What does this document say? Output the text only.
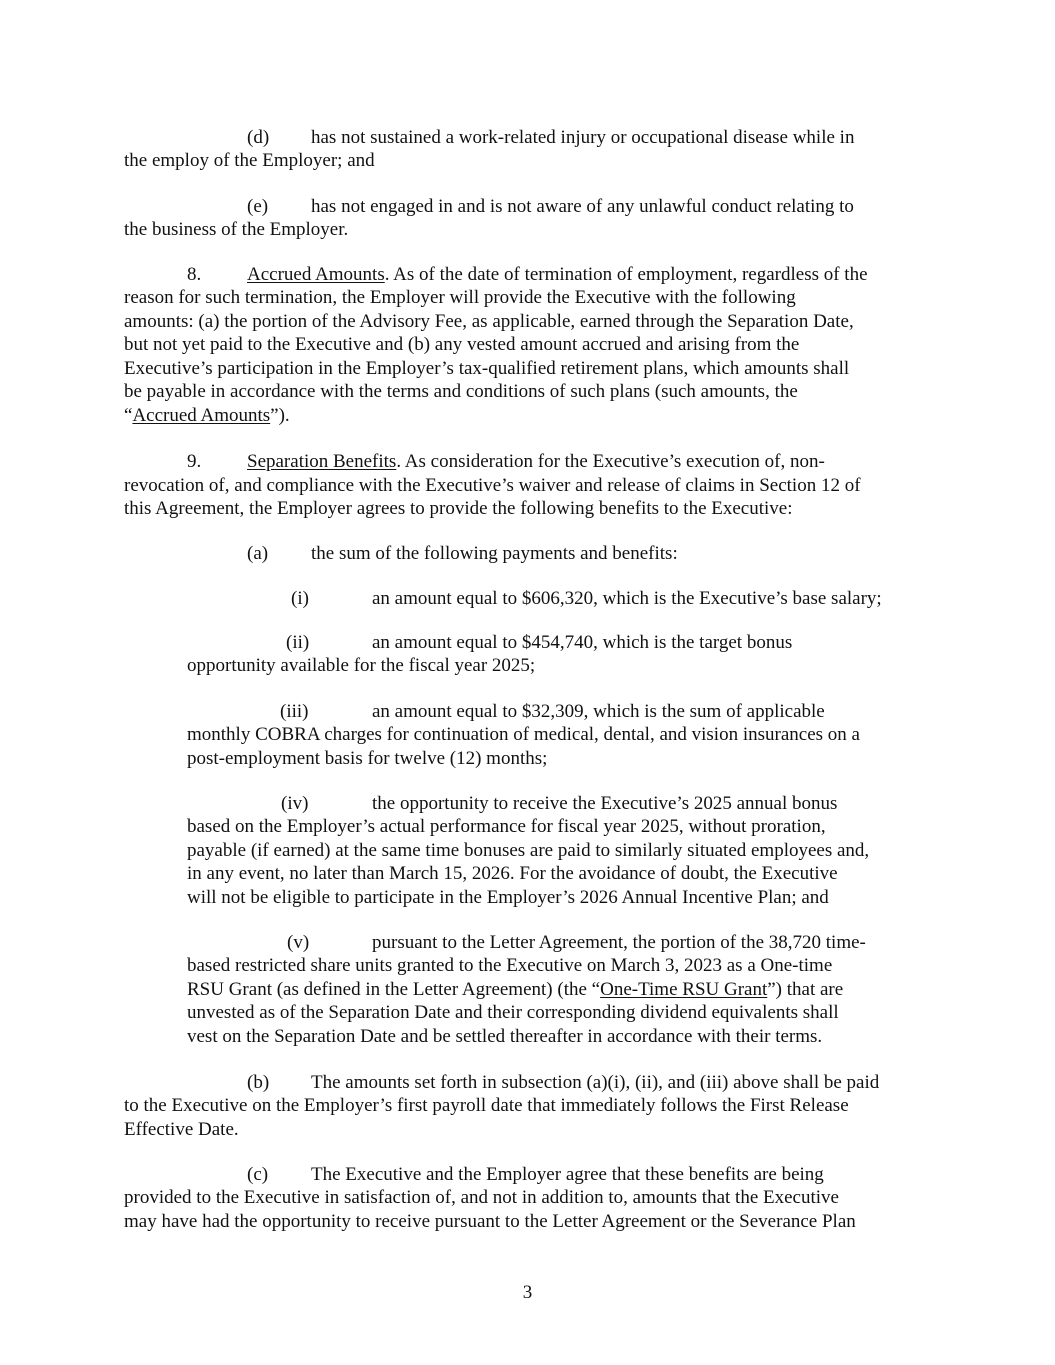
(d) has not sustained a work-related injury or occupational disease while in
the employ of the Employer; and
(e) has not engaged in and is not aware of any unlawful conduct relating to
the business of the Employer.
8. Accrued Amounts. As of the date of termination of employment, regardless of the
reason for such termination, the Employer will provide the Executive with the following
amounts: (a) the portion of the Advisory Fee, as applicable, earned through the Separation Date,
but not yet paid to the Executive and (b) any vested amount accrued and arising from the
Executive’s participation in the Employer’s tax-qualified retirement plans, which amounts shall
be payable in accordance with the terms and conditions of such plans (such amounts, the
“Accrued Amounts”).
9. Separation Benefits. As consideration for the Executive’s execution of, non-
revocation of, and compliance with the Executive’s waiver and release of claims in Section 12 of
this Agreement, the Employer agrees to provide the following benefits to the Executive:
(a) the sum of the following payments and benefits:
(i)	an amount equal to $606,320, which is the Executive’s base salary;
(ii)	an amount equal to $454,740, which is the target bonus
opportunity available for the fiscal year 2025;
(iii)	an amount equal to $32,309, which is the sum of applicable
monthly COBRA charges for continuation of medical, dental, and vision insurances on a
post-employment basis for twelve (12) months;
(iv)	the opportunity to receive the Executive’s 2025 annual bonus
based on the Employer’s actual performance for fiscal year 2025, without proration,
payable (if earned) at the same time bonuses are paid to similarly situated employees and,
in any event, no later than March 15, 2026. For the avoidance of doubt, the Executive
will not be eligible to participate in the Employer’s 2026 Annual Incentive Plan; and
(v)	pursuant to the Letter Agreement, the portion of the 38,720 time-
based restricted share units granted to the Executive on March 3, 2023 as a One-time
RSU Grant (as defined in the Letter Agreement) (the “One-Time RSU Grant”) that are
unvested as of the Separation Date and their corresponding dividend equivalents shall
vest on the Separation Date and be settled thereafter in accordance with their terms.
(b) The amounts set forth in subsection (a)(i), (ii), and (iii) above shall be paid
to the Executive on the Employer’s first payroll date that immediately follows the First Release
Effective Date.
(c) The Executive and the Employer agree that these benefits are being
provided to the Executive in satisfaction of, and not in addition to, amounts that the Executive
may have had the opportunity to receive pursuant to the Letter Agreement or the Severance Plan
3
